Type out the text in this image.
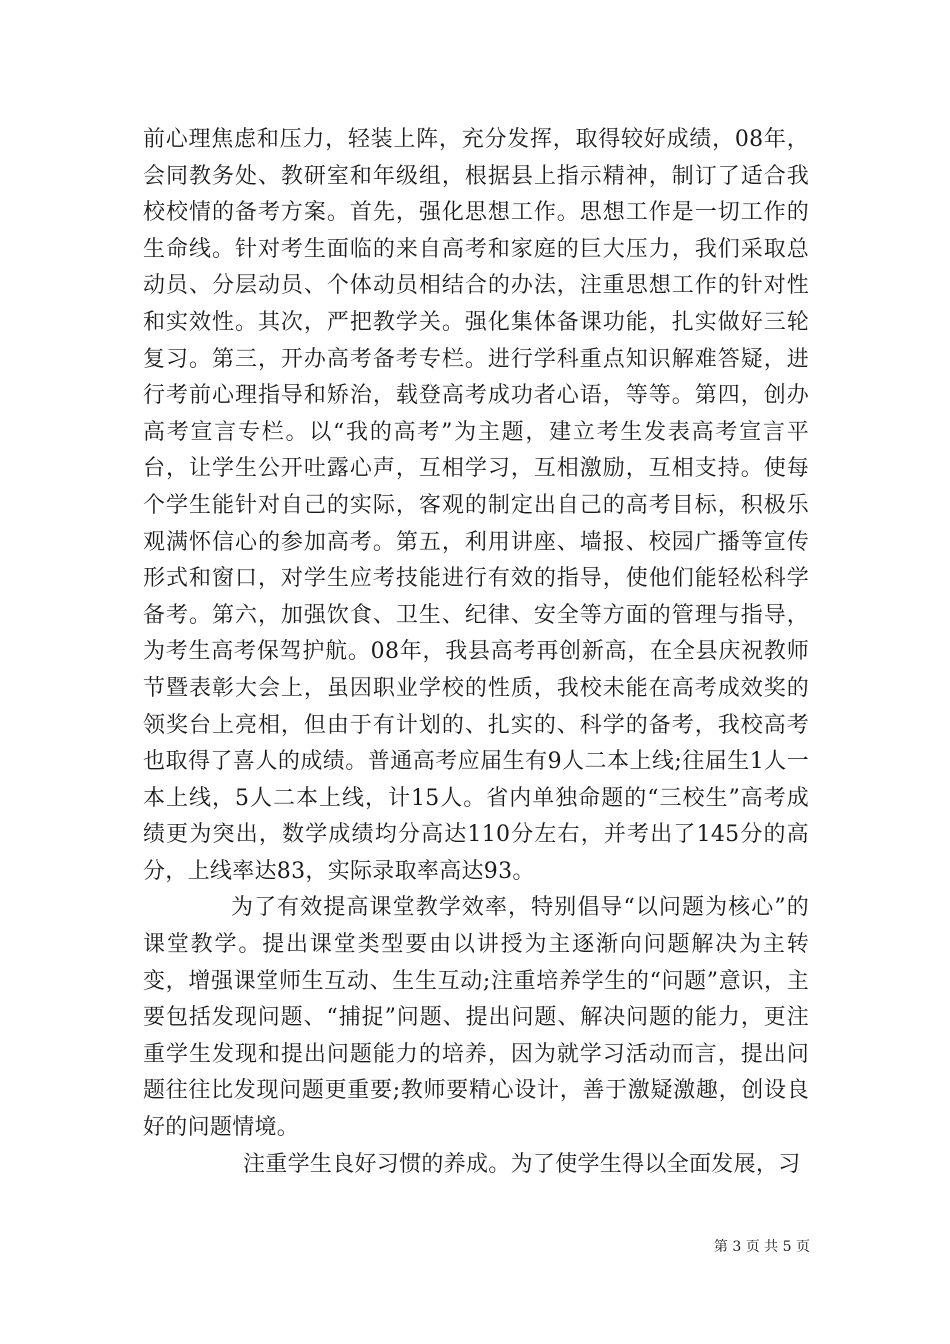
前心理焦虑和压力，轻装上阵，充分发挥，取得较好成绩，08年，会同教务处、教研室和年级组，根据县上指示精神，制订了适合我校校情的备考方案。首先，强化思想工作。思想工作是一切工作的生命线。针对考生面临的来自高考和家庭的巨大压力，我们采取总动员、分层动员、个体动员相结合的办法，注重思想工作的针对性和实效性。其次，严把教学关。强化集体备课功能，扎实做好三轮复习。第三，开办高考备考专栏。进行学科重点知识解难答疑，进行考前心理指导和矫治，载登高考成功者心语，等等。第四，创办高考宣言专栏。以“我的高考”为主题，建立考生发表高考宣言平台，让学生公开吐露心声，互相学习，互相激励，互相支持。使每个学生能针对自己的实际，客观的制定出自己的高考目标，积极乐观满怀信心的参加高考。第五，利用讲座、墙报、校园广播等宣传形式和窗口，对学生应考技能进行有效的指导，使他们能轻松科学备考。第六，加强饮食、卫生、纪律、安全等方面的管理与指导，为考生高考保驾护航。08年，我县高考再创新高，在全县庆祝教师节暨表彰大会上，虽因职业学校的性质，我校未能在高考成效奖的领奖台上亮相，但由于有计划的、扎实的、科学的备考，我校高考也取得了喜人的成绩。普通高考应届生有9人二本上线;往届生1人一本上线，5人二本上线，计15人。省内单独命题的“三校生”高考成绩更为突出，数学成绩均分高达110分左右，并考出了145分的高分，上线率达83，实际录取率高达93。

为了有效提高课堂教学效率，特别倡导“以问题为核心”的课堂教学。提出课堂类型要由以讲授为主逐渐向问题解决为主转变，增强课堂师生互动、生生互动;注重培养学生的“问题”意识，主要包括发现问题、“捕捉”问题、提出问题、解决问题的能力，更注重学生发现和提出问题能力的培养，因为就学习活动而言，提出问题往往比发现问题更重要;教师要精心设计，善于激疑激趣，创设良好的问题情境。

注重学生良好习惯的养成。为了使学生得以全面发展，习

第 3 页 共 5 页
